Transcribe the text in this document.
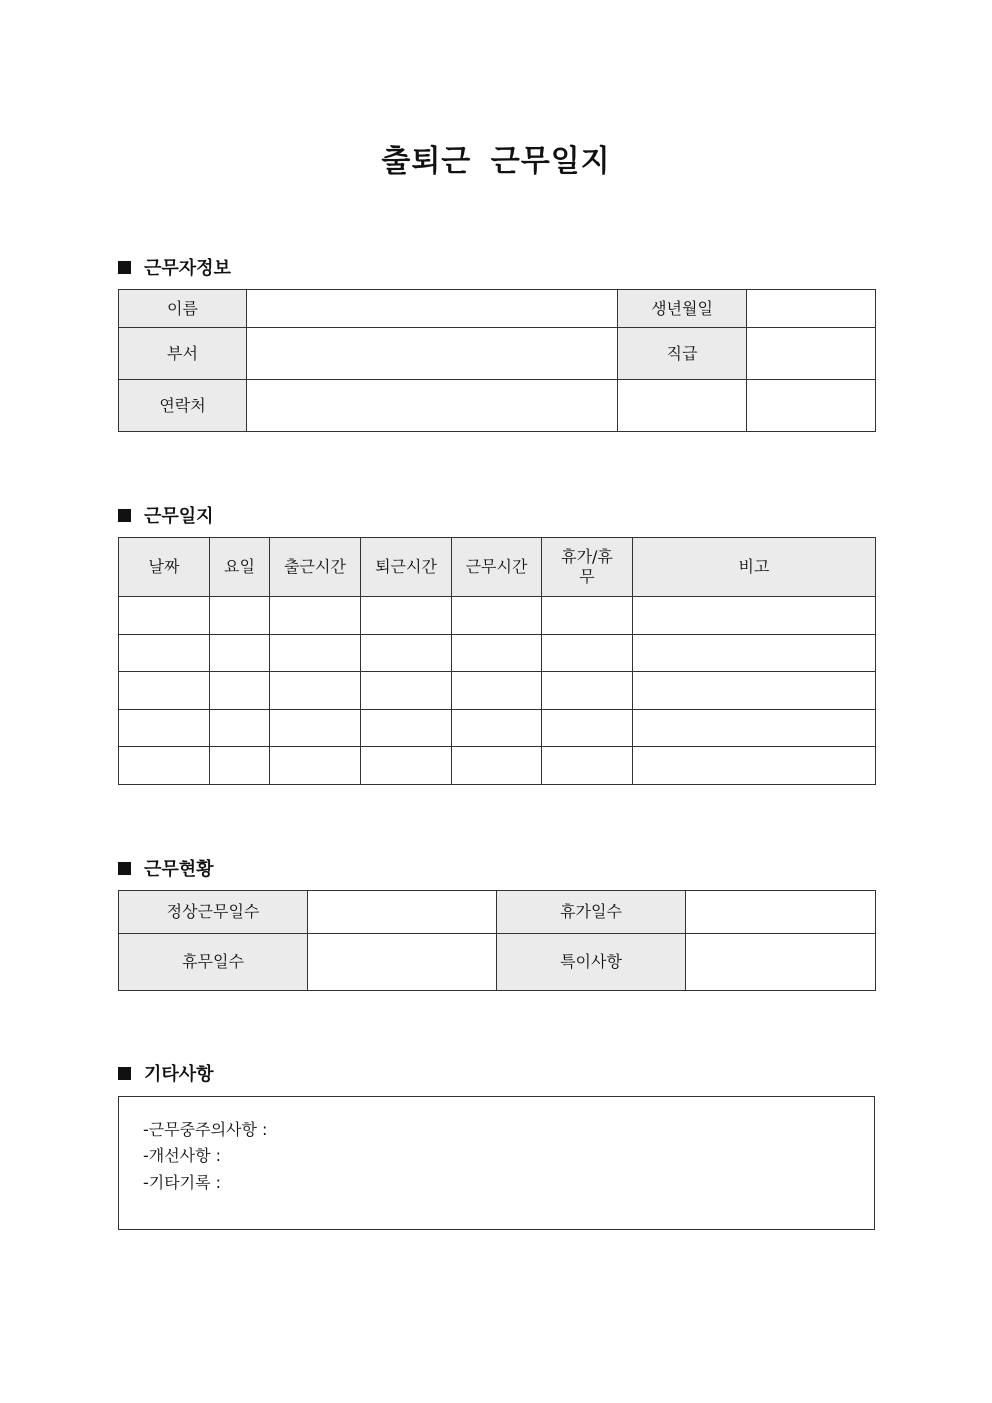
출퇴근 근무일지
근무자정보
이름		생년월일	
부서		직급	
연락처			
근무일지
날짜	요일	출근시간	퇴근시간	근무시간	휴가/휴무	비고

근무현황
정상근무일수		휴가일수	
휴무일수		특이사항	
기타사항
-근무중주의사항 :
-개선사항 :
-기타기록 :
